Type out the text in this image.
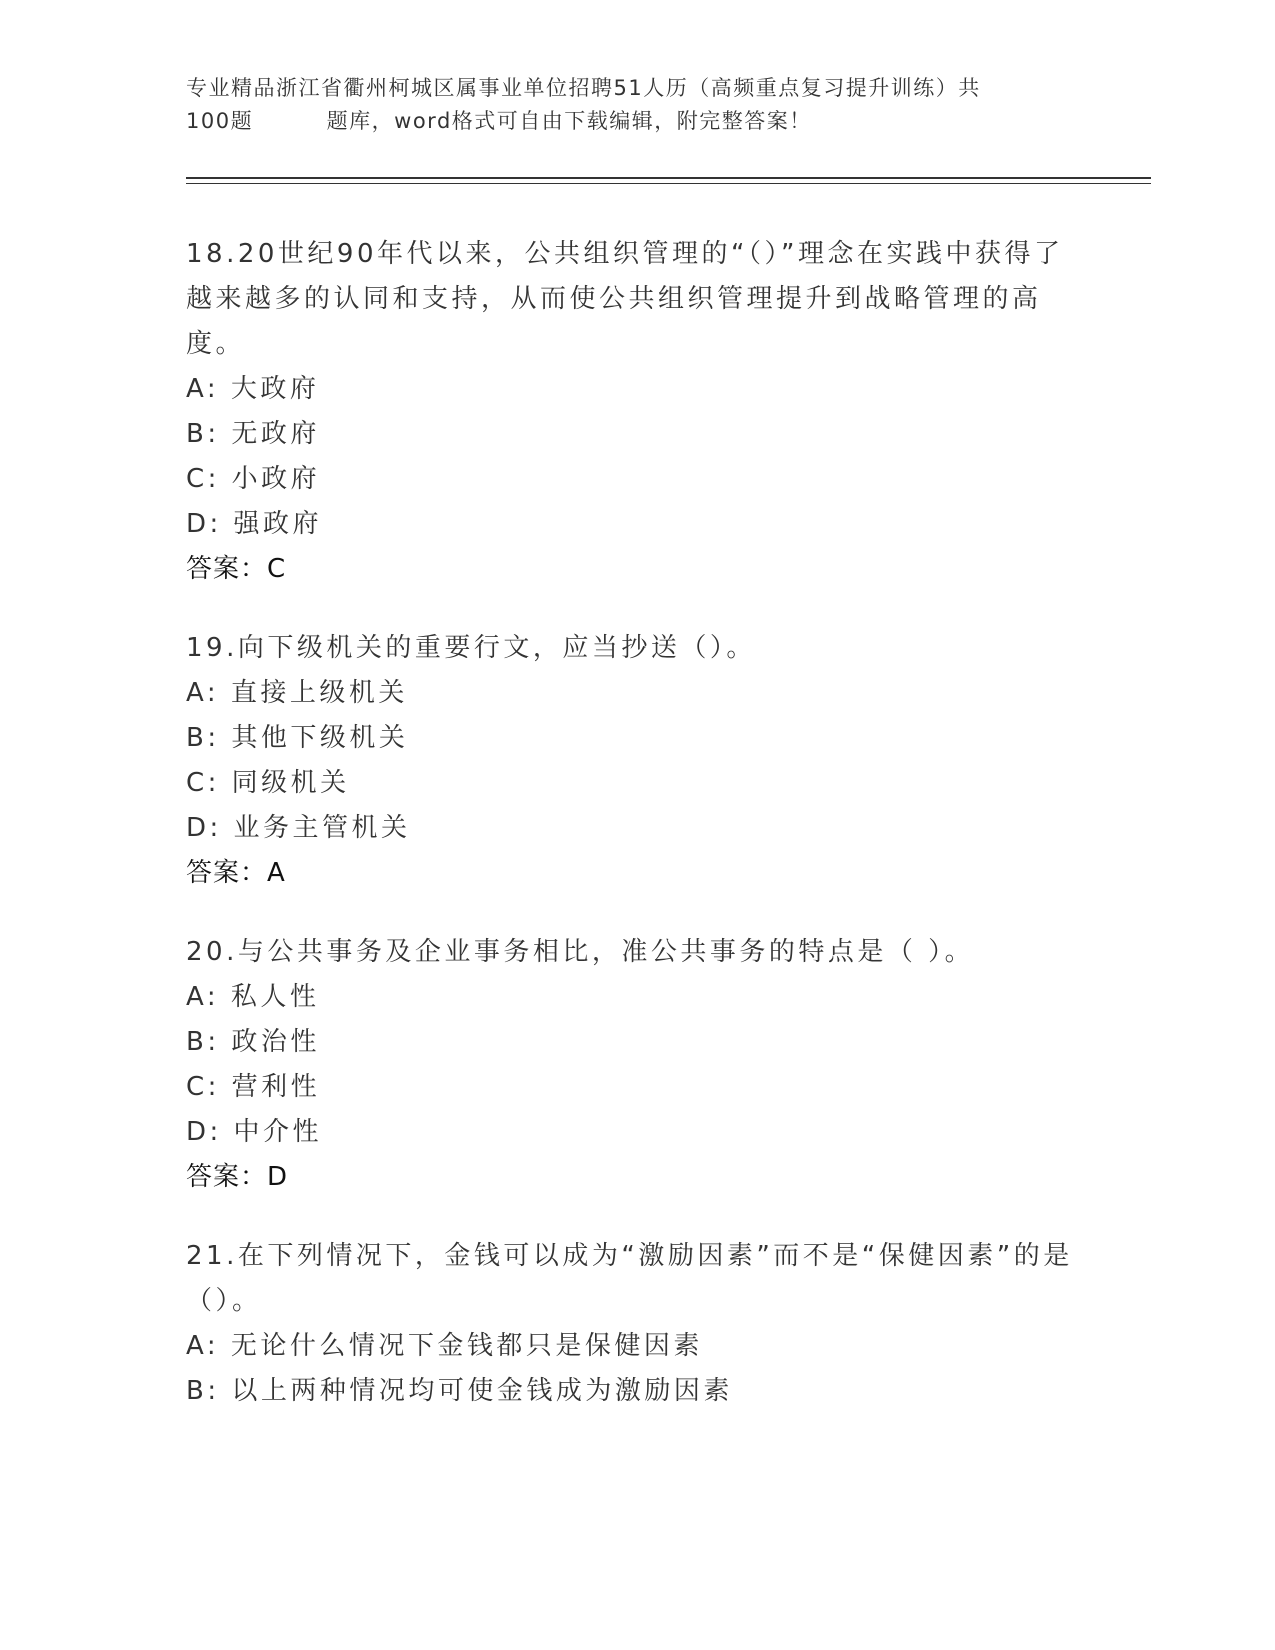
专业精品浙江省衢州柯城区属事业单位招聘51人历（高频重点复习提升训练）共
100题         题库，word格式可自由下载编辑，附完整答案！
18.20世纪90年代以来，公共组织管理的“（）”理念在实践中获得了越来越多的认同和支持，从而使公共组织管理提升到战略管理的高度。
A: 大政府
B: 无政府
C: 小政府
D: 强政府
答案：C
19.向下级机关的重要行文，应当抄送（）。
A: 直接上级机关
B: 其他下级机关
C: 同级机关
D: 业务主管机关
答案：A
20.与公共事务及企业事务相比，准公共事务的特点是（ ）。
A: 私人性
B: 政治性
C: 营利性
D: 中介性
答案：D
21.在下列情况下，金钱可以成为“激励因素”而不是“保健因素”的是（）。
A: 无论什么情况下金钱都只是保健因素
B: 以上两种情况均可使金钱成为激励因素
